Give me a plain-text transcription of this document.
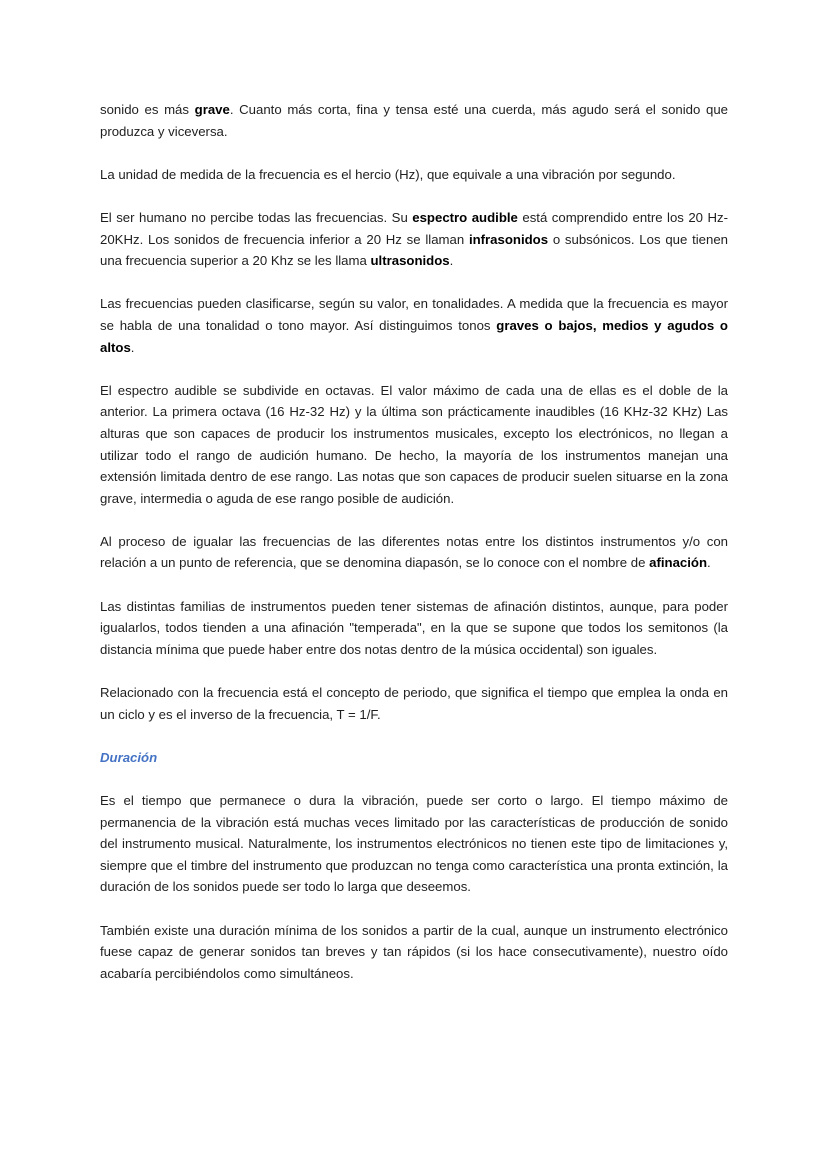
sonido es más grave. Cuanto más corta, fina y tensa esté una cuerda, más agudo será el sonido que produzca y viceversa.

La unidad de medida de la frecuencia es el hercio (Hz), que equivale a una vibración por segundo.

El ser humano no percibe todas las frecuencias. Su espectro audible está comprendido entre los 20 Hz- 20KHz. Los sonidos de frecuencia inferior a 20 Hz se llaman infrasonidos o subsónicos. Los que tienen una frecuencia superior a 20 Khz se les llama ultrasonidos.

Las frecuencias pueden clasificarse, según su valor, en tonalidades. A medida que la frecuencia es mayor se habla de una tonalidad o tono mayor. Así distinguimos tonos graves o bajos, medios y agudos o altos.

El espectro audible se subdivide en octavas. El valor máximo de cada una de ellas es el doble de la anterior. La primera octava (16 Hz-32 Hz) y la última son prácticamente inaudibles (16 KHz-32 KHz) Las alturas que son capaces de producir los instrumentos musicales, excepto los electrónicos, no llegan a utilizar todo el rango de audición humano. De hecho, la mayoría de los instrumentos manejan una extensión limitada dentro de ese rango. Las notas que son capaces de producir suelen situarse en la zona grave, intermedia o aguda de ese rango posible de audición.

Al proceso de igualar las frecuencias de las diferentes notas entre los distintos instrumentos y/o con relación a un punto de referencia, que se denomina diapasón, se lo conoce con el nombre de afinación.

Las distintas familias de instrumentos pueden tener sistemas de afinación distintos, aunque, para poder igualarlos, todos tienden a una afinación "temperada", en la que se supone que todos los semitonos (la distancia mínima que puede haber entre dos notas dentro de la música occidental) son iguales.

Relacionado con la frecuencia está el concepto de periodo, que significa el tiempo que emplea la onda en un ciclo y es el inverso de la frecuencia, T = 1/F.

Duración

Es el tiempo que permanece o dura la vibración, puede ser corto o largo. El tiempo máximo de permanencia de la vibración está muchas veces limitado por las características de producción de sonido del instrumento musical. Naturalmente, los instrumentos electrónicos no tienen este tipo de limitaciones y, siempre que el timbre del instrumento que produzcan no tenga como característica una pronta extinción, la duración de los sonidos puede ser todo lo larga que deseemos.

También existe una duración mínima de los sonidos a partir de la cual, aunque un instrumento electrónico fuese capaz de generar sonidos tan breves y tan rápidos (si los hace consecutivamente), nuestro oído acabaría percibiéndolos como simultáneos.
